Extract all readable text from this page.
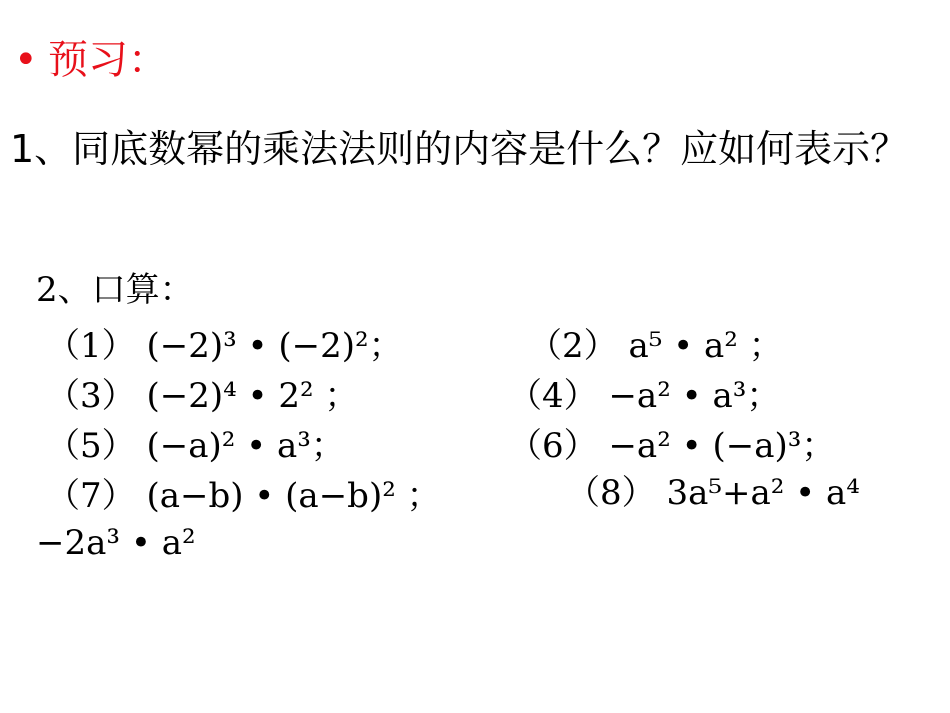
• 预习：
1、同底数幂的乘法法则的内容是什么？应如何表示？
2、口算：
（1） (−2)³ • (−2)²；	（2） a⁵ • a² ；
（3） (−2)⁴ • 2² ；	（4） −a² • a³；
（5） (−a)² • a³；	（6） −a² • (−a)³；
（7） (a−b) • (a−b)² ；	（8） 3a⁵+a² • a⁴ −2a³ • a²
